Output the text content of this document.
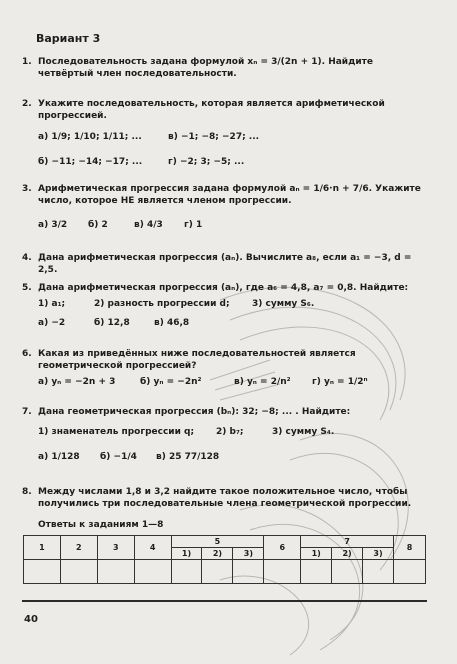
Вариант 3
1. Последовательность задана формулой xₙ = 3/(2n + 1). Найдите четвёртый член последовательности.
2. Укажите последовательность, которая является арифметической прогрессией.
а) 1/9; 1/10; 1/11; ...	в) −1; −8; −27; ...
б) −11; −14; −17; ...	г) −2; 3; −5; ...
3. Арифметическая прогрессия задана формулой aₙ = 1/6·n + 7/6. Укажите число, которое НЕ является членом прогрессии.
а) 3/2 б) 2	в) 4/3 г) 1
4. Дана арифметическая прогрессия (aₙ). Вычислите a₈, если a₁ = −3, d = 2,5.
5. Дана арифметическая прогрессия (aₙ), где a₆ = 4,8, a₇ = 0,8. Найдите:
1) a₁;	2) разность прогрессии d; 3) сумму S₆.
а) −2	б) 12,8	в) 46,8
6. Какая из приведённых ниже последовательностей является геометрической прогрессией?
а) yₙ = −2n + 3	б) yₙ = −2n²	в) yₙ = 2/n² г) yₙ = 1/2ⁿ
7. Дана геометрическая прогрессия (bₙ): 32; −8; ... . Найдите:
1) знаменатель прогрессии q; 2) b₇;	3) сумму S₄.
а) 1/128 б) −1/4 в) 25 77/128
8. Между числами 1,8 и 3,2 найдите такое положительное число, чтобы получились три последовательные члена геометрической прогрессии.
Ответы к заданиям 1—8
1	2	3	4	5			6	7			8
				1)	2)	3)		1)	2)	3)	

40
